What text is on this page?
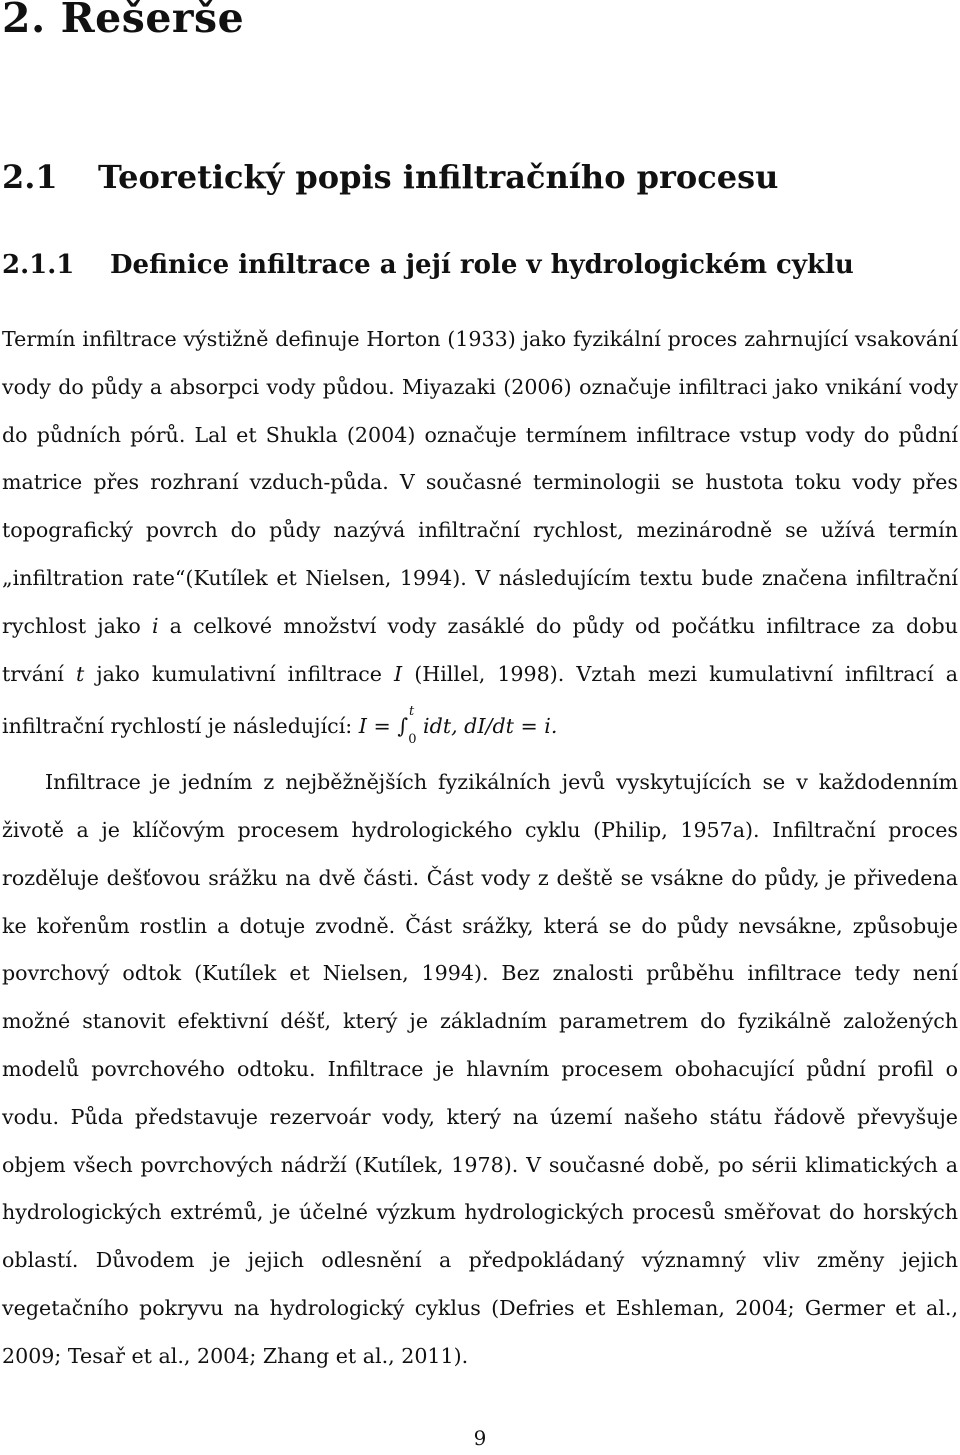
2. Rešerše
2.1 Teoretický popis infiltračního procesu
2.1.1 Definice infiltrace a její role v hydrologickém cyklu

Termín infiltrace výstižně definuje Horton (1933) jako fyzikální proces zahrnující vsakování vody do půdy a absorpci vody půdou. Miyazaki (2006) označuje infiltraci jako vnikání vody do půdních pórů. Lal et Shukla (2004) označuje termínem infiltrace vstup vody do půdní matrice přes rozhraní vzduch-půda. V současné terminologii se hustota toku vody přes topografický povrch do půdy nazývá infiltrační rychlost, mezinárodně se užívá termín „infiltration rate“(Kutílek et Nielsen, 1994). V následujícím textu bude značena infiltrační rychlost jako i a celkové množství vody zasáklé do půdy od počátku infiltrace za dobu trvání t jako kumulativní infiltrace I (Hillel, 1998). Vztah mezi kumulativní infiltrací a infiltrační rychlostí je následující: I = ∫$^t_0$ idt, dI/dt = i.

Infiltrace je jedním z nejběžnějších fyzikálních jevů vyskytujících se v každodenním životě a je klíčovým procesem hydrologického cyklu (Philip, 1957a). Infiltrační proces rozděluje dešťovou srážku na dvě části. Část vody z deště se vsákne do půdy, je přivedena ke kořenům rostlin a dotuje zvodně. Část srážky, která se do půdy nevsákne, způsobuje povrchový odtok (Kutílek et Nielsen, 1994). Bez znalosti průběhu infiltrace tedy není možné stanovit efektivní déšť, který je základním parametrem do fyzikálně založených modelů povrchového odtoku. Infiltrace je hlavním procesem obohacující půdní profil o vodu. Půda představuje rezervoár vody, který na území našeho státu řádově převyšuje objem všech povrchových nádrží (Kutílek, 1978). V současné době, po sérii klimatických a hydrologických extrémů, je účelné výzkum hydrologických procesů směřovat do horských oblastí. Důvodem je jejich odlesnění a předpokládaný významný vliv změny jejich vegetačního pokryvu na hydrologický cyklus (Defries et Eshleman, 2004; Germer et al., 2009; Tesař et al., 2004; Zhang et al., 2011).

9
